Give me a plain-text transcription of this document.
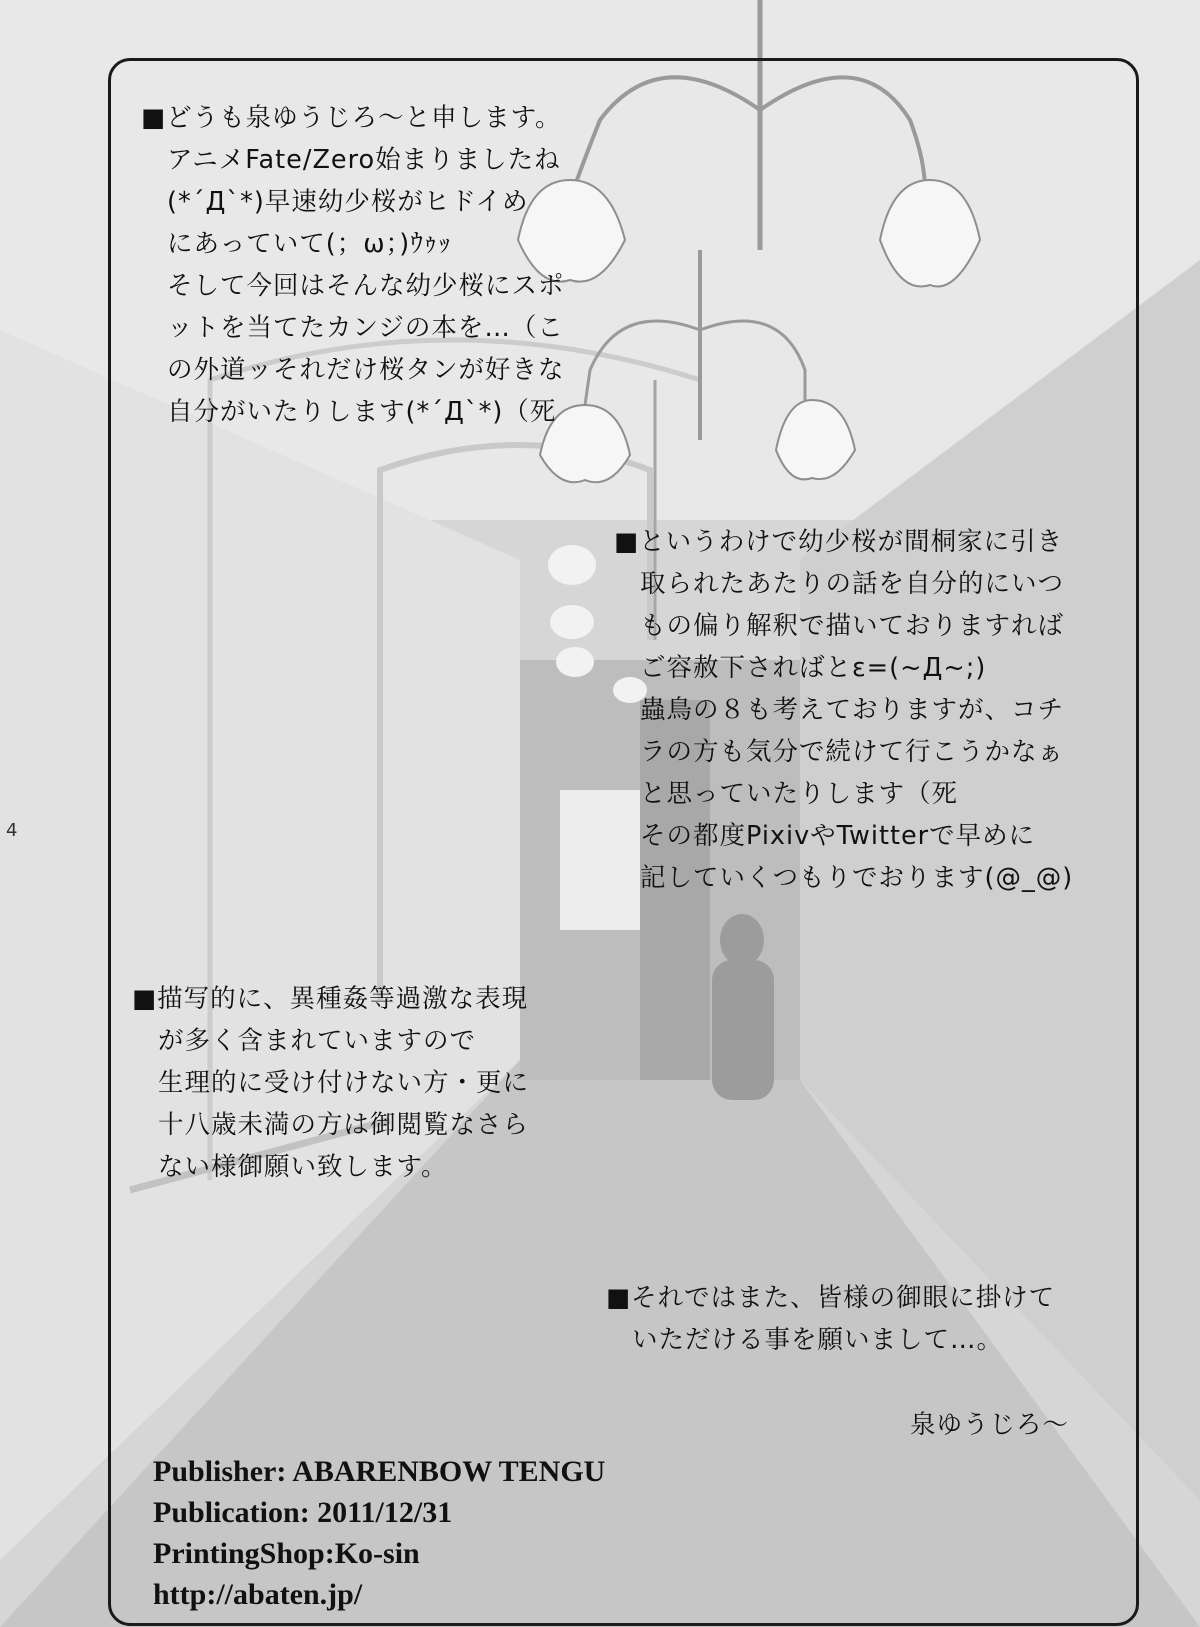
4
■どうも泉ゆうじろ～と申します。
アニメFate/Zero始まりましたね
(*´Д`*)早速幼少桜がヒドイめ
にあっていて(；ω；)ｳｩｯ
そして今回はそんな幼少桜にスポ
ットを当てたカンジの本を…（こ
の外道ッそれだけ桜タンが好きな
自分がいたりします(*´Д`*)（死
■というわけで幼少桜が間桐家に引き
取られたあたりの話を自分的にいつ
もの偏り解釈で描いておりますれば
ご容赦下さればとε=(~Д~;)
蟲鳥の８も考えておりますが、コチ
ラの方も気分で続けて行こうかなぁ
と思っていたりします（死
その都度PixivやTwitterで早めに
記していくつもりでおります(@_@)
■描写的に、異種姦等過激な表現
が多く含まれていますので
生理的に受け付けない方・更に
十八歳未満の方は御閲覧なさら
ない様御願い致します。
■それではまた、皆様の御眼に掛けて
いただける事を願いまして…。
泉ゆうじろ～
Publisher: ABARENBOW TENGU
Publication: 2011/12/31
PrintingShop:Ko-sin
http://abaten.jp/
